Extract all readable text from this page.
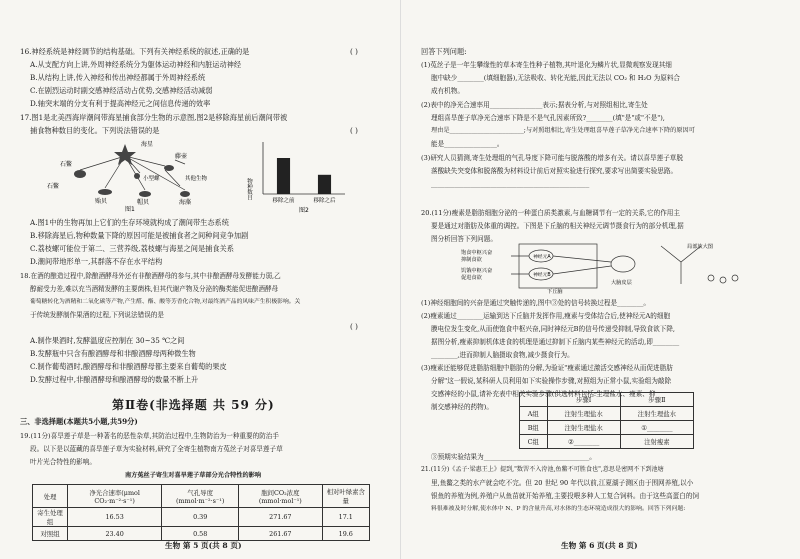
16.神经系统是神经调节的结构基础。下列有关神经系统的叙述,正确的是	( )
A.从支配方向上讲,外周神经系统分为躯体运动神经和内脏运动神经
B.从结构上讲,传入神经和传出神经都属于外周神经系统
C.在剧烈运动时副交感神经活动占优势,交感神经活动减弱
D.轴突末端的分支有利于提高神经元之间信息传递的效率
17.图1是北美西海岸潮间带海星捕食部分生物的示意图,图2是移除海星前后潮间带被
捕食物种数目的变化。下列说法错误的是	( )
海星
藤壶
石鳖
小型螺
贻贝	帽贝
其他生物
石鳖
海藻
图1
移除之前	移除之后
物种数目
图2
A.图1中的生物再加上它们的生存环境就构成了潮间带生态系统
B.移除海星后,物种数量下降的原因可能是被捕食者之间种间竞争加剧
C.荔枝螺可能位于第二、三营养级,荔枝螺与海星之间是捕食关系
D.潮间带地形单一,其群落不存在水平结构
18.在酒的酿造过程中,除酿酒酵母外还有非酿酒酵母的参与,其中非酿酒酵母发酵能力弱,乙
醇耐受力差,难以充当酒精发酵的主要菌株,但其代谢产物及分泌的酶类能促进酿酒酵母
葡萄糖转化为酒精和二氧化碳等产物,产生醛、酯、酸等芳香化合物,对最终酒产品的风味产生积极影响。关
于传统发酵制作果酒的过程,下列说法错误的是
( )
A.制作果酒时,发酵温度应控制在 30~35 ℃之间
B.发酵瓶中只含有酿酒酵母和非酿酒酵母两种微生物
C.制作葡萄酒时,酿酒酵母和非酿酒酵母都主要来自葡萄的果皮
D.发酵过程中,非酿酒酵母和酿酒酵母的数量不断上升
第Ⅱ卷(非选择题 共 59 分)
三、非选择题(本题共5小题,共59分)
19.(11分)喜旱莲子草是一种著名的恶性杂草,其防治过程中,生物防治为一种重要的防治手
段。以下是以蓝藏的喜旱莲子草为实验材料,研究了全寄生植物南方菟丝子对喜旱莲子草
叶片光合特性的影响。
南方菟丝子寄生对喜旱莲子草部分光合特性的影响
处理	净光合速率(μmol CO₂·m⁻²·s⁻¹)	气孔导度(mmol·m⁻²·s⁻¹)	胞间CO₂浓度(mmol·mol⁻¹)	相对叶绿素含量
寄生处理组	16.53	0.39	271.67	17.1
对照组	23.40	0.58	261.67	19.6
生物 第 5 页(共 8 页)
回答下列问题:
(1)菟丝子是一年生攀缘性的草本寄生性种子植物,其叶退化为鳞片状,显微观察发现其细
胞中缺少________(填细胞器),无法吸收、转化光能,因此无法以 CO₂ 和 H₂O 为原料合
成有机物。
(2)表中的净光合速率用________________表示;据表分析,与对照组相比,寄生处
理组喜旱莲子草净光合速率下降是不是气孔因素所致?________(填"是"或"不是"),
理由是________________________;与对照组相比,寄生处理组喜旱莲子草净光合速率下降的原因可
能是________________。
(3)研究人员猜测,寄生处理组的气孔导度下降可能与脱落酸的增多有关。请以喜旱莲子草脱
落酸缺失突变体和脱落酸为材料设计前后对照实验进行探究,要求写出简要实验思路。
________________________________________________
20.(11分)瘦素是脂肪细胞分泌的一种蛋白质类激素,与血糖调节有一定的关系,它的作用主
要是通过对脂肪及体重的调控。下图是下丘脑的相关神经元调节摄食行为的部分机理,据
图分析回答下列问题。
饱食中枢兴奋
抑制食欲
饥饿中枢兴奋
促进食欲
神经元A
神经元B
大脑皮层
局部放大图
下丘脑
(1)神经细胞间的兴奋是通过突触传递的,图中③处的信号转换过程是________。
(2)瘦素通过________运输到达下丘脑并发挥作用,瘦素与受体结合后,使神经元A的细胞
膜电位发生变化,从而使饱食中枢兴奋,同时神经元B的信号传递受抑制,导致食欲下降,
据图分析,瘦素抑制机体进食的机理是通过抑制下丘脑内某些神经元的活动,即________
________,进而抑制人脑摄取食物,减少摄食行为。
(3)瘦素还能够促进脂肪细胞中脂肪的分解,为验证"瘦素通过激活交感神经从而促进脂肪
分解"这一假说,某科研人员利用如下实验操作步骤,对照组为正常小鼠,实验组为敲除
交感神经的小鼠,请补充表中相关实验步骤(供选材料包括:生理盐水、瘦素、抑
制交感神经的药物)。
	步骤Ⅰ	步骤Ⅱ
A组	注射生理盐水	注射生理盐水
B组	注射生理盐水	①________
C组	②________	注射瘦素
③预期实验结果为________________________________。
21.(11分)《孟子·梁惠王上》提到,"数罟不入洿池,鱼鳖不可胜食也",意思是密网不下到池塘
里,鱼鳖之类的水产就会吃不完。但 20 世纪 90 年代以前,江夏湖子测区由于围网养殖,以小
银鱼的养殖为例,养殖户从鱼苗就开始养殖,主要投喂多种人工复合饲料。由于这些高蛋白的饲
料很难被及时分解,使水体中 N、P 的含量升高,对水体的生态环境造成很大的影响。回答下列问题:
生物 第 6 页(共 8 页)
